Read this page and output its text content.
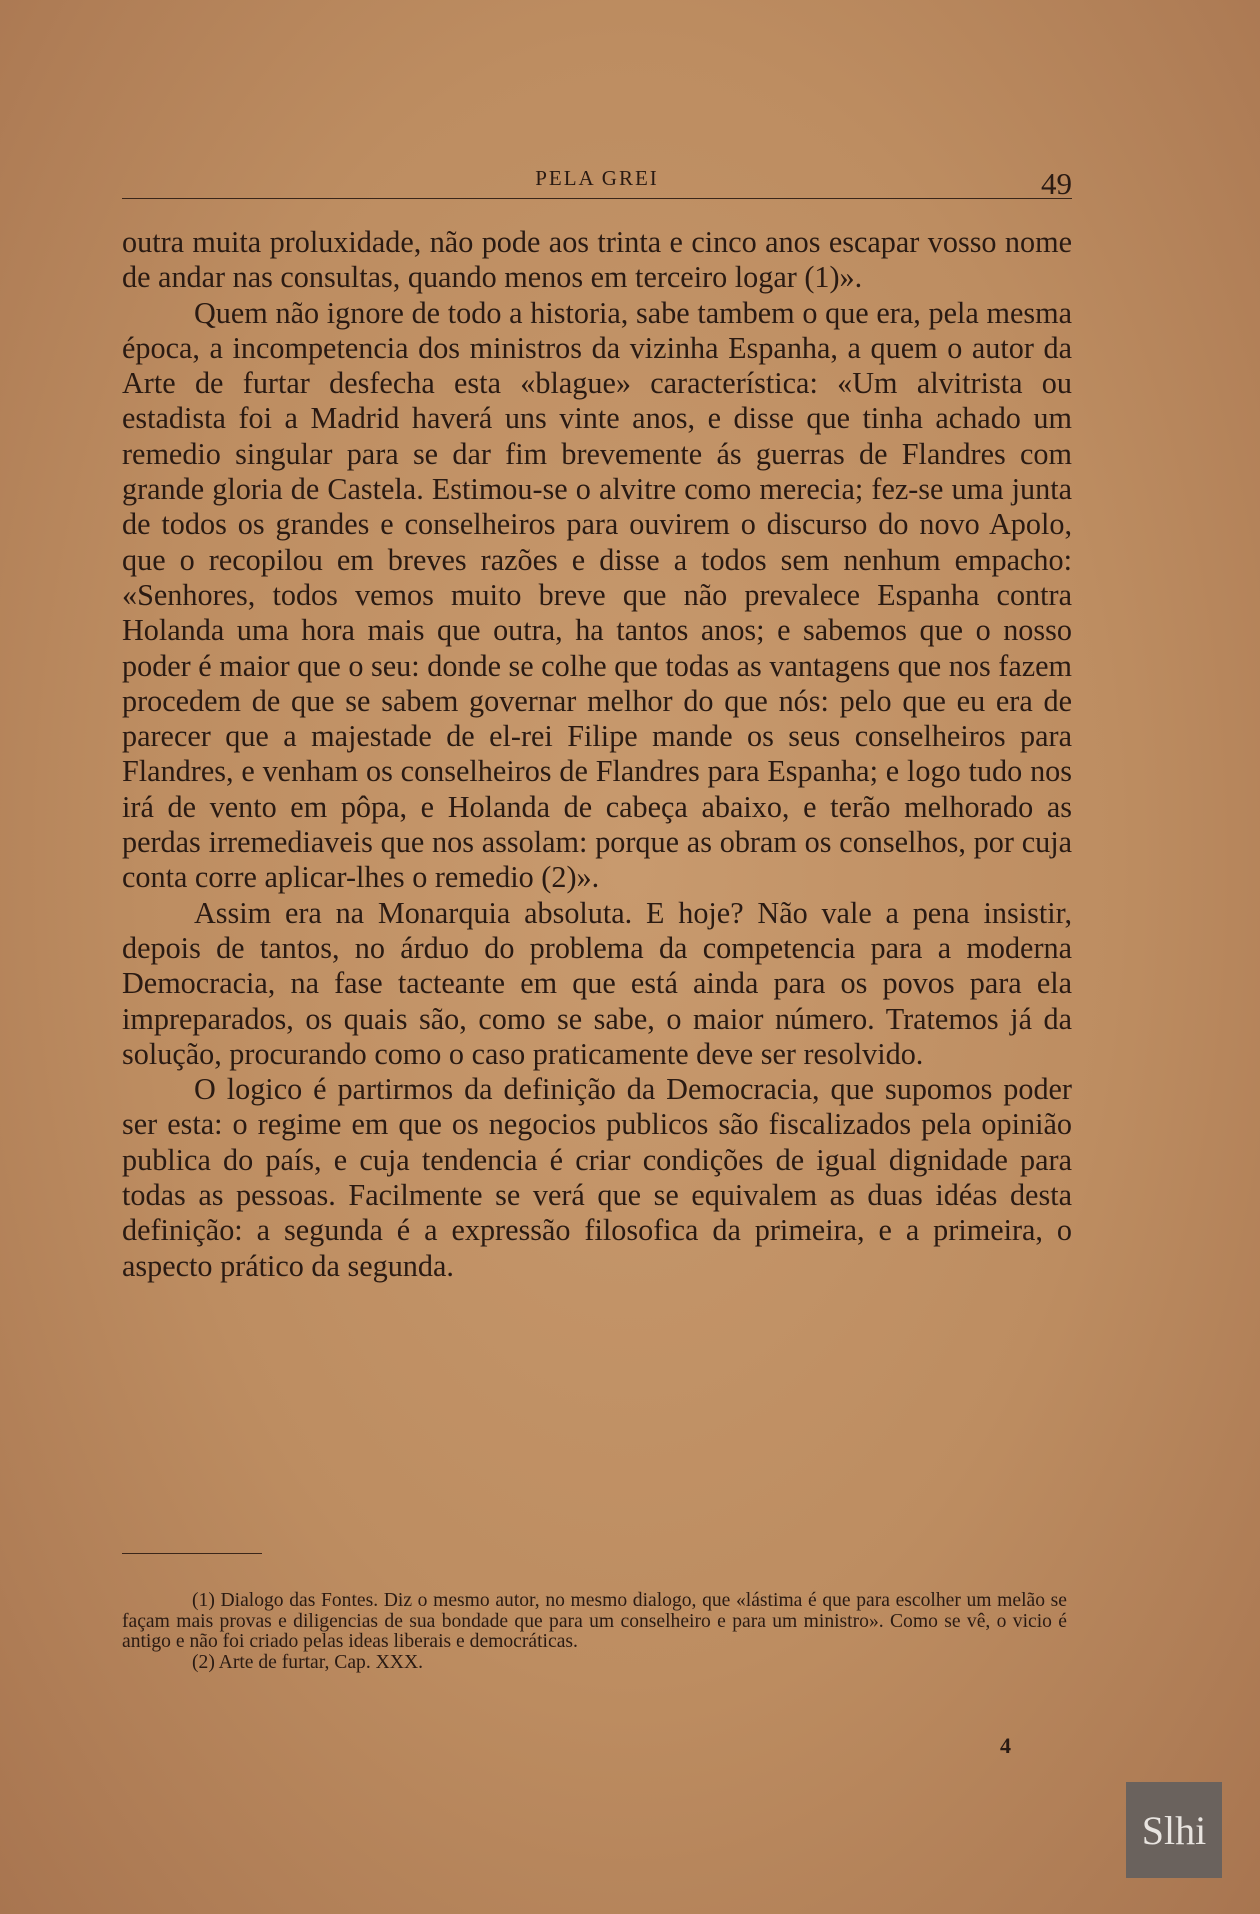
PELA GREI	49

outra muita proluxidade, não pode aos trinta e cinco anos escapar vosso nome de andar nas consultas, quando menos em terceiro logar (1)».

Quem não ignore de todo a historia, sabe tambem o que era, pela mesma época, a incompetencia dos ministros da vizinha Espanha, a quem o autor da Arte de furtar desfecha esta «blague» característica: «Um alvitrista ou estadista foi a Madrid haverá uns vinte anos, e disse que tinha achado um remedio singular para se dar fim brevemente ás guerras de Flandres com grande gloria de Castela. Estimou-se o alvitre como merecia; fez-se uma junta de todos os grandes e conselheiros para ouvirem o discurso do novo Apolo, que o recopilou em breves razões e disse a todos sem nenhum empacho: «Senhores, todos vemos muito breve que não prevalece Espanha contra Holanda uma hora mais que outra, ha tantos anos; e sabemos que o nosso poder é maior que o seu: donde se colhe que todas as vantagens que nos fazem procedem de que se sabem governar melhor do que nós: pelo que eu era de parecer que a majestade de el-rei Filipe mande os seus conselheiros para Flandres, e venham os conselheiros de Flandres para Espanha; e logo tudo nos irá de vento em pôpa, e Holanda de cabeça abaixo, e terão melhorado as perdas irremediaveis que nos assolam: porque as obram os conselhos, por cuja conta corre aplicar-lhes o remedio (2)».

Assim era na Monarquia absoluta. E hoje? Não vale a pena insistir, depois de tantos, no árduo do problema da competencia para a moderna Democracia, na fase tacteante em que está ainda para os povos para ela impreparados, os quais são, como se sabe, o maior número. Tratemos já da solução, procurando como o caso praticamente deve ser resolvido.

O logico é partirmos da definição da Democracia, que supomos poder ser esta: o regime em que os negocios publicos são fiscalizados pela opinião publica do país, e cuja tendencia é criar condições de igual dignidade para todas as pessoas. Facilmente se verá que se equivalem as duas idéas desta definição: a segunda é a expressão filosofica da primeira, e a primeira, o aspecto prático da segunda.

(1) Dialogo das Fontes. Diz o mesmo autor, no mesmo dialogo, que «lástima é que para escolher um melão se façam mais provas e diligencias de sua bondade que para um conselheiro e para um ministro». Como se vê, o vicio é antigo e não foi criado pelas ideas liberais e democráticas.

(2) Arte de furtar, Cap. XXX.

4
Slhi
